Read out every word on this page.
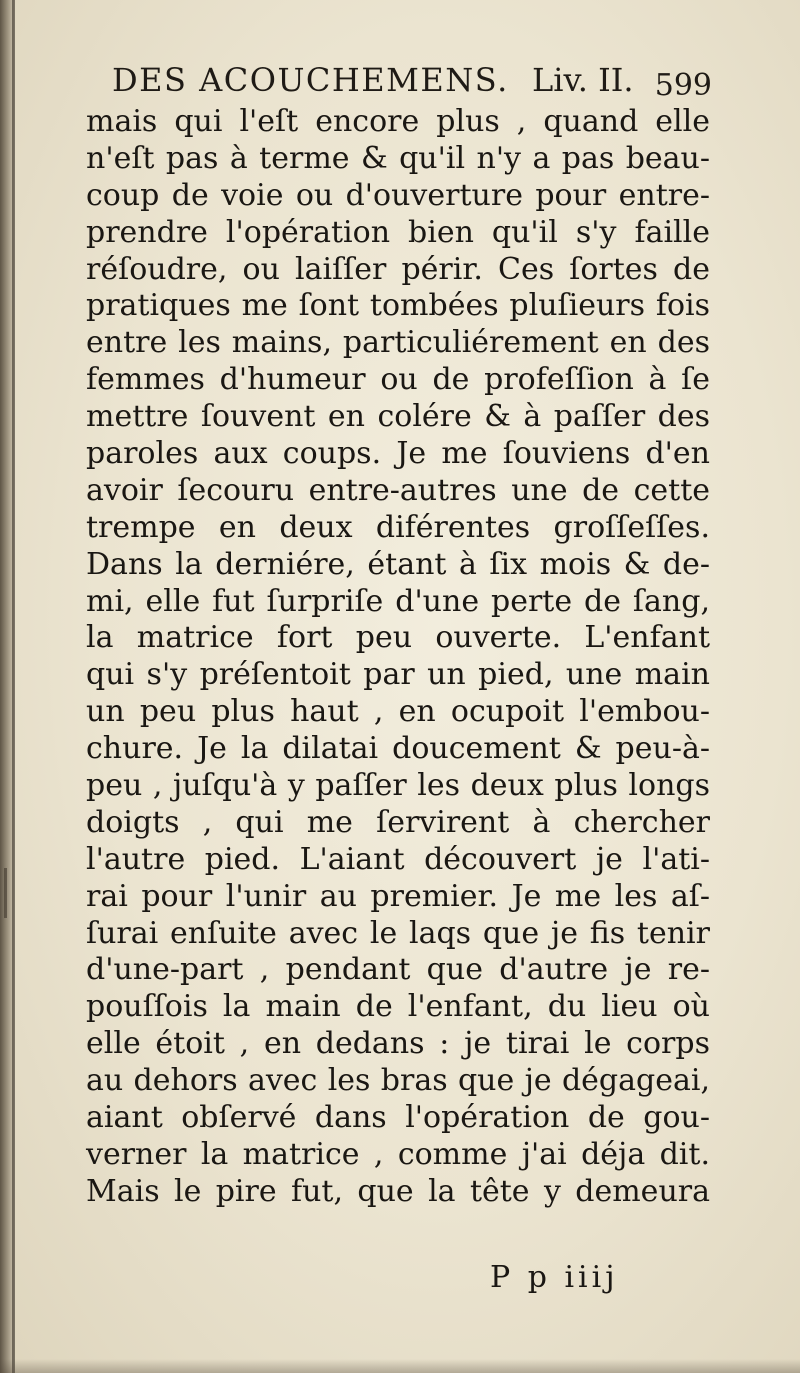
DES ACOUCHEMENS. Liv. II. 599
mais qui l'eſt encore plus , quand elle
n'eſt pas à terme & qu'il n'y a pas beau-
coup de voie ou d'ouverture pour entre-
prendre l'opération bien qu'il s'y faille
réſoudre, ou laiſſer périr. Ces ſortes de
pratiques me ſont tombées pluſieurs fois
entre les mains, particuliérement en des
femmes d'humeur ou de profeſſion à ſe
mettre ſouvent en colére & à paſſer des
paroles aux coups. Je me ſouviens d'en
avoir ſecouru entre-autres une de cette
trempe en deux diférentes groſſeſſes.
Dans la derniére, étant à ſix mois & de-
mi, elle fut ſurpriſe d'une perte de ſang,
la matrice fort peu ouverte. L'enfant
qui s'y préſentoit par un pied, une main
un peu plus haut , en ocupoit l'embou-
chure. Je la dilatai doucement & peu-à-
peu , juſqu'à y paſſer les deux plus longs
doigts , qui me ſervirent à chercher
l'autre pied. L'aiant découvert je l'ati-
rai pour l'unir au premier. Je me les aſ-
ſurai enſuite avec le laqs que je fis tenir
d'une-part , pendant que d'autre je re-
pouſſois la main de l'enfant, du lieu où
elle étoit , en dedans : je tirai le corps
au dehors avec les bras que je dégageai,
aiant obſervé dans l'opération de gou-
verner la matrice , comme j'ai déja dit.
Mais le pire fut, que la tête y demeura
P p iiij
